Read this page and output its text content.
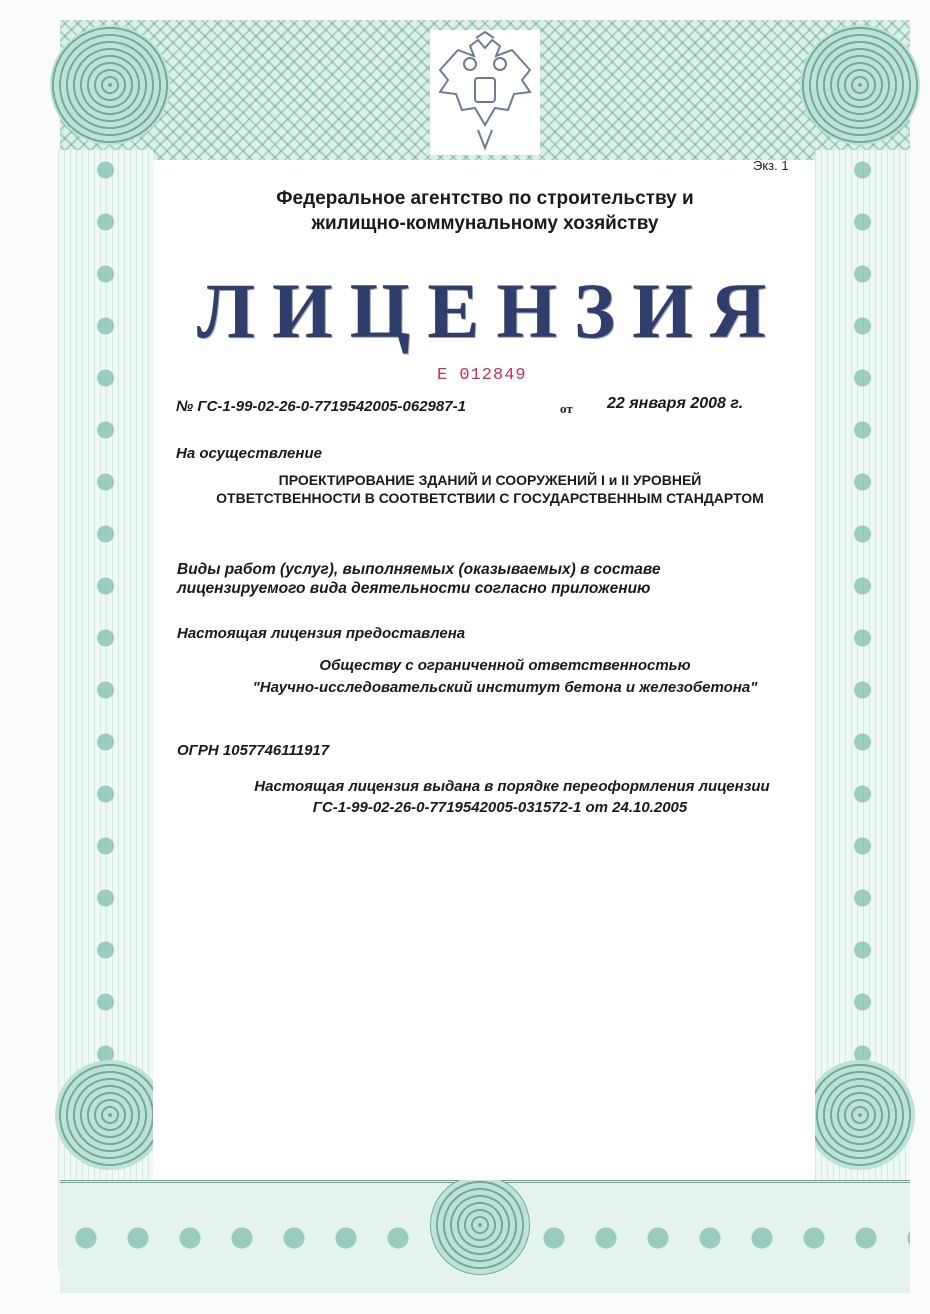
Экз. 1
Федеральное агентство по строительству и
жилищно-коммунальному хозяйству
ЛИЦЕНЗИЯ
Е 012849
№ ГС-1-99-02-26-0-7719542005-062987-1	от 22 января 2008 г.
На осуществление
ПРОЕКТИРОВАНИЕ ЗДАНИЙ И СООРУЖЕНИЙ I и II УРОВНЕЙ
ОТВЕТСТВЕННОСТИ В СООТВЕТСТВИИ С ГОСУДАРСТВЕННЫМ СТАНДАРТОМ
Виды работ (услуг), выполняемых (оказываемых) в составе
лицензируемого вида деятельности согласно приложению
Настоящая лицензия предоставлена
Обществу с ограниченной ответственностью
"Научно-исследовательский институт бетона и железобетона"
ОГРН 1057746111917
Настоящая лицензия выдана в порядке переоформления лицензии
ГС-1-99-02-26-0-7719542005-031572-1 от 24.10.2005
